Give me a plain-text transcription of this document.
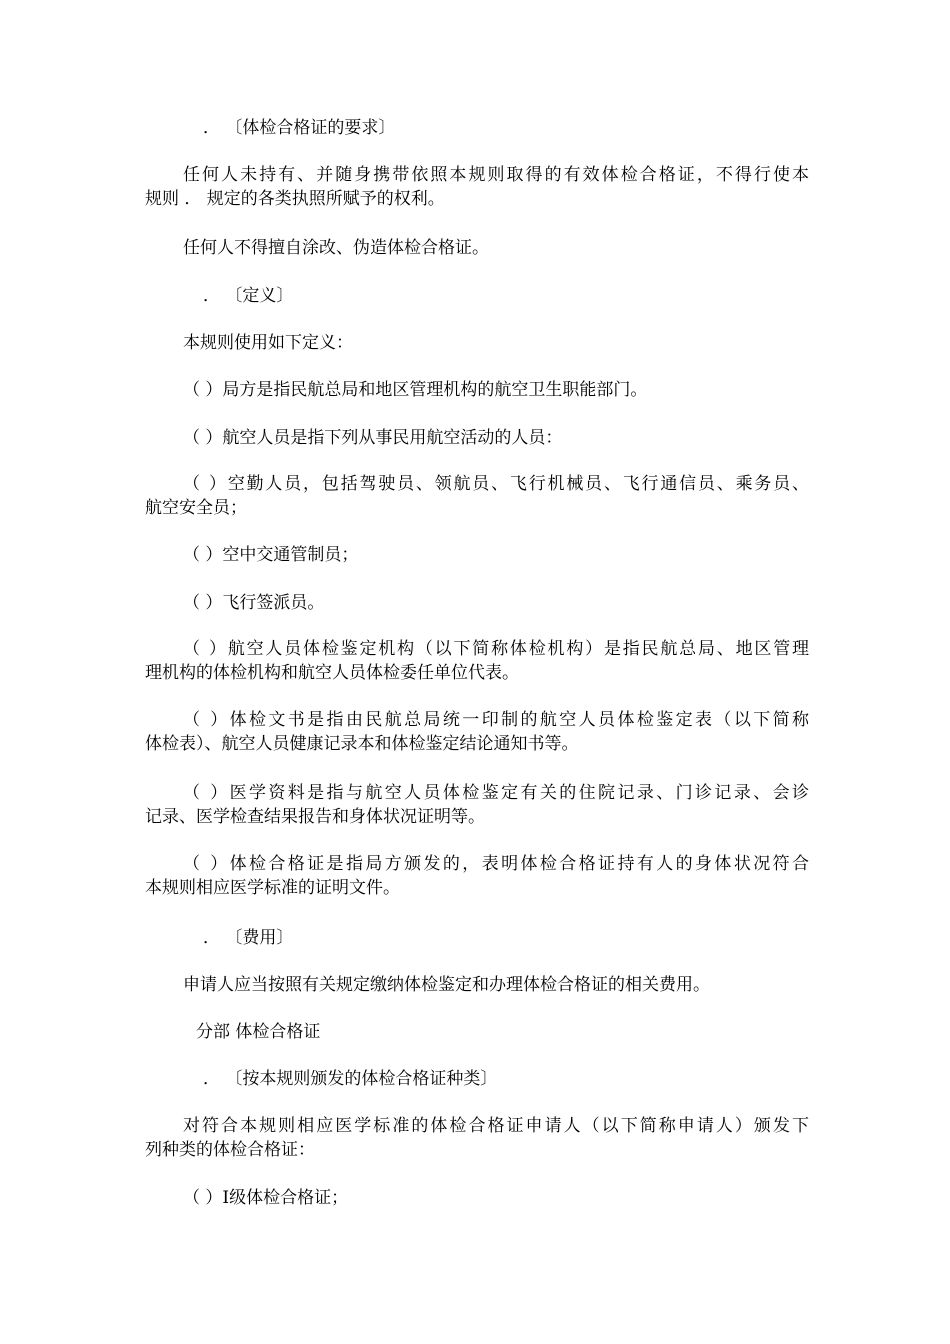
． 〔体检合格证的要求〕
任何人未持有、并随身携带依照本规则取得的有效体检合格证，不得行使本
规则 ． 规定的各类执照所赋予的权利。
任何人不得擅自涂改、伪造体检合格证。
． 〔定义〕
本规则使用如下定义：
（ ）局方是指民航总局和地区管理机构的航空卫生职能部门。
（ ）航空人员是指下列从事民用航空活动的人员：
（ ）空勤人员，包括驾驶员、领航员、飞行机械员、飞行通信员、乘务员、
航空安全员；
（ ）空中交通管制员；
（ ）飞行签派员。
（ ）航空人员体检鉴定机构（以下简称体检机构）是指民航总局、地区管理
理机构的体检机构和航空人员体检委任单位代表。
（ ）体检文书是指由民航总局统一印制的航空人员体检鉴定表（以下简称
体检表）、航空人员健康记录本和体检鉴定结论通知书等。
（ ）医学资料是指与航空人员体检鉴定有关的住院记录、门诊记录、会诊
记录、医学检查结果报告和身体状况证明等。
（ ）体检合格证是指局方颁发的，表明体检合格证持有人的身体状况符合
本规则相应医学标准的证明文件。
． 〔费用〕
申请人应当按照有关规定缴纳体检鉴定和办理体检合格证的相关费用。
分部 体检合格证
． 〔按本规则颁发的体检合格证种类〕
对符合本规则相应医学标准的体检合格证申请人（以下简称申请人）颁发下
列种类的体检合格证：
（ ）Ⅰ级体检合格证；
